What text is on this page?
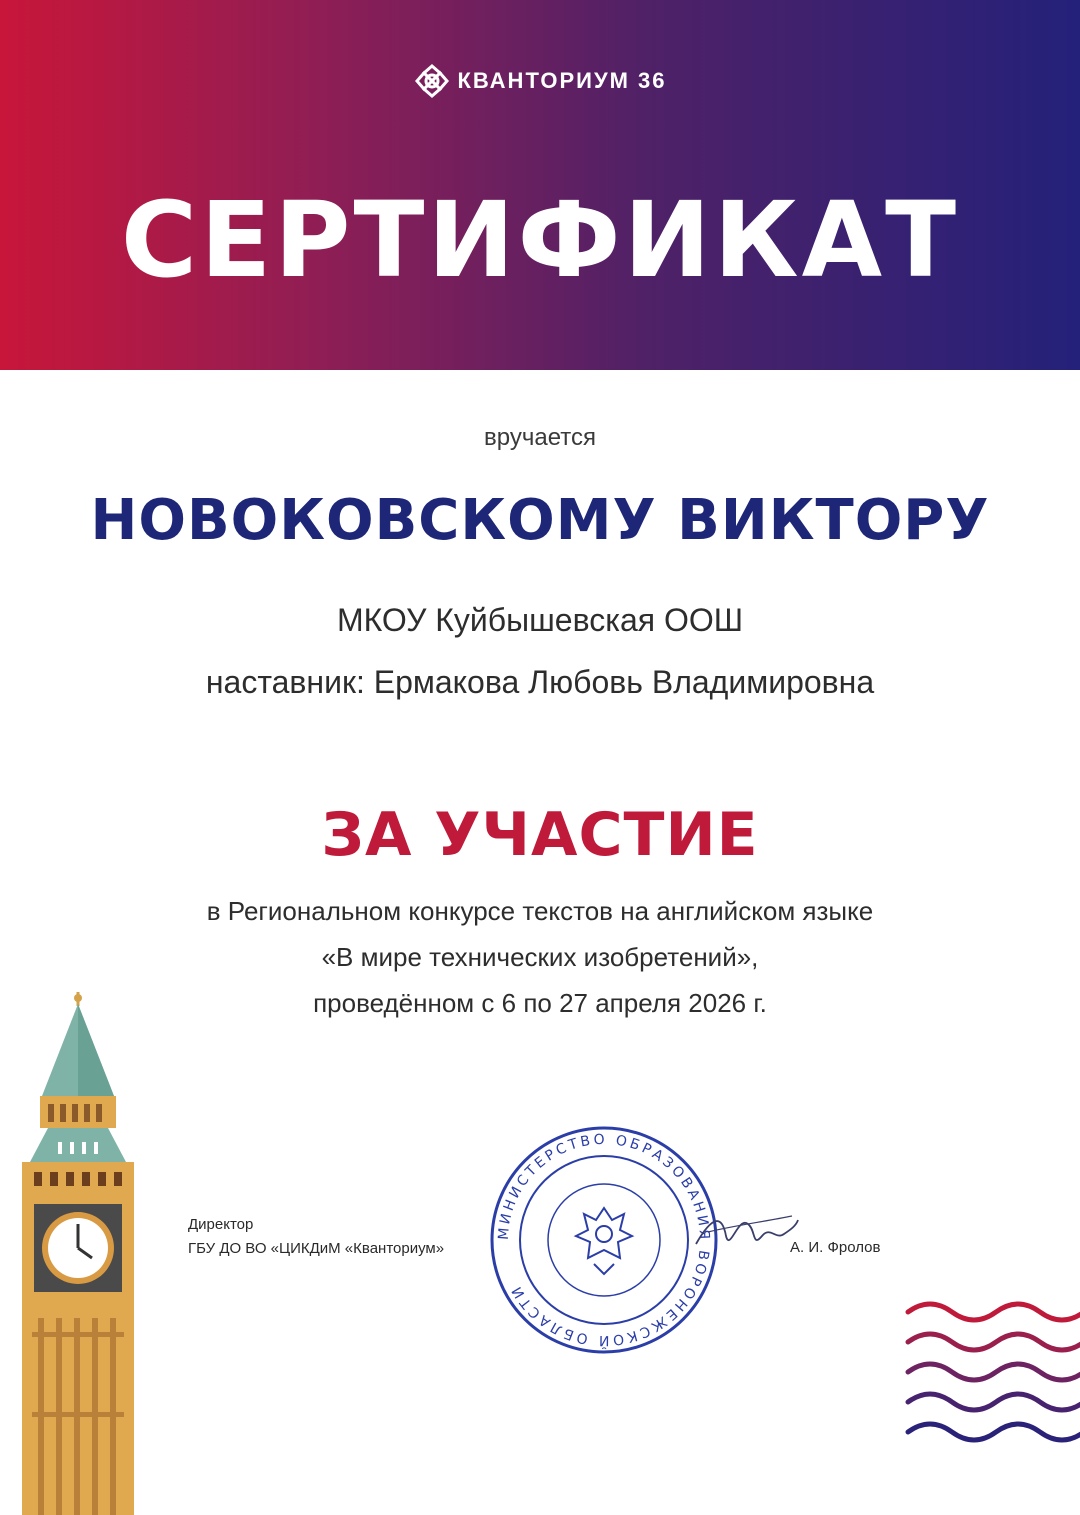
КВАНТОРИУМ 36
СЕРТИФИКАТ

вручается

НОВОКОВСКОМУ ВИКТОРУ

МКОУ Куйбышевская ООШ

наставник: Ермакова Любовь Владимировна

ЗА УЧАСТИЕ

в Региональном конкурсе текстов на английском языке

«В мире технических изобретений»,

проведённом с 6 по 27 апреля 2026 г.

МИНИСТЕРСТВО ОБРАЗОВАНИЯ ВОРОНЕЖСКОЙ ОБЛАСТИ
Директор
ГБУ ДО ВО «ЦИКДиМ «Кванториум»	А. И. Фролов
